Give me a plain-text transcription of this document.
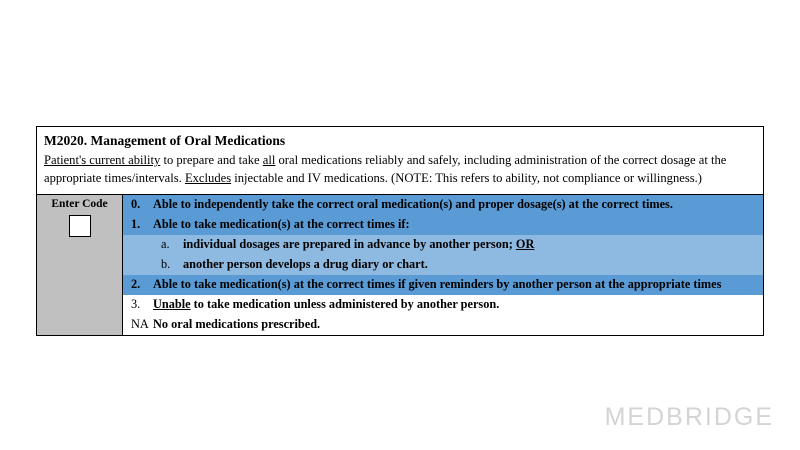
M2020. Management of Oral Medications
Patient's current ability to prepare and take all oral medications reliably and safely, including administration of the correct dosage at the appropriate times/intervals. Excludes injectable and IV medications. (NOTE: This refers to ability, not compliance or willingness.)
Enter Code	0.	Able to independently take the correct oral medication(s) and proper dosage(s) at the correct times.
1.	Able to take medication(s) at the correct times if:
a.	individual dosages are prepared in advance by another person; OR
b.	another person develops a drug diary or chart.
2.	Able to take medication(s) at the correct times if given reminders by another person at the appropriate times
3.	Unable to take medication unless administered by another person.
NA No oral medications prescribed.
MEDBRIDGE
